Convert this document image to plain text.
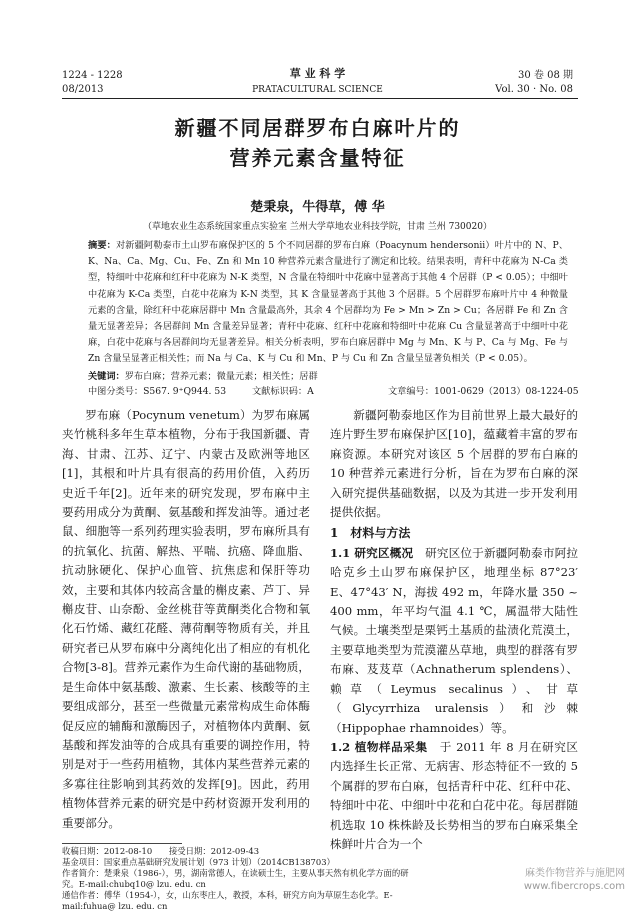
1224 - 1228
08/2013
草 业 科 学
PRATACULTURAL SCIENCE
30 卷 08 期
Vol. 30 · No. 08
新疆不同居群罗布白麻叶片的
营养元素含量特征
楚秉泉，牛得草，傅 华
（草地农业生态系统国家重点实验室 兰州大学草地农业科技学院，甘肃 兰州 730020）
摘要：对新疆阿勒泰市土山罗布麻保护区的 5 个不同居群的罗布白麻（Poacynum hendersonii）叶片中的 N、P、K、Na、Ca、Mg、Cu、Fe、Zn 和 Mn 10 种营养元素含量进行了测定和比较。结果表明，青秆中花麻为 N-Ca 类型，特细叶中花麻和红秆中花麻为 N-K 类型，N 含量在特细叶中花麻中显著高于其他 4 个居群（P < 0.05）；中细叶中花麻为 K-Ca 类型，白花中花麻为 K-N 类型，其 K 含量显著高于其他 3 个居群。5 个居群罗布麻叶片中 4 种微量元素的含量，除红秆中花麻居群中 Mn 含量最高外，其余 4 个居群均为 Fe > Mn > Zn > Cu；各居群 Fe 和 Zn 含量无显著差异；各居群间 Mn 含量差异显著；青秆中花麻、红秆中花麻和特细叶中花麻 Cu 含量显著高于中细叶中花麻，白花中花麻与各居群间均无显著差异。相关分析表明，罗布白麻居群中 Mg 与 Mn、K 与 P、Ca 与 Mg、Fe 与 Zn 含量呈显著正相关性；而 Na 与 Ca、K 与 Cu 和 Mn、P 与 Cu 和 Zn 含量呈显著负相关（P < 0.05）。
关键词：罗布白麻；营养元素；微量元素；相关性；居群
中图分类号：S567. 9⁺Q944. 53	文献标识码：A	文章编号：1001-0629（2013）08-1224-05

罗布麻（Pocynum venetum）为罗布麻属夹竹桃科多年生草本植物，分布于我国新疆、青海、甘肃、江苏、辽宁、内蒙古及欧洲等地区[1]，其根和叶片具有很高的药用价值，入药历史近千年[2]。近年来的研究发现，罗布麻中主要药用成分为黄酮、氨基酸和挥发油等。通过老鼠、细胞等一系列药理实验表明，罗布麻所具有的抗氧化、抗菌、解热、平喘、抗癌、降血脂、抗动脉硬化、保护心血管、抗焦虑和保肝等功效，主要和其体内较高含量的槲皮素、芦丁、异槲皮苷、山奈酚、金丝桃苷等黄酮类化合物和氧化石竹烯、藏红花醛、薄荷酮等物质有关，并且研究者已从罗布麻中分离纯化出了相应的有机化合物[3-8]。营养元素作为生命代谢的基础物质，是生命体中氨基酸、激素、生长素、核酸等的主要组成部分，甚至一些微量元素常构成生命体酶促反应的辅酶和激酶因子，对植物体内黄酮、氨基酸和挥发油等的合成具有重要的调控作用，特别是对于一些药用植物，其体内某些营养元素的多寡往往影响到其药效的发挥[9]。因此，药用植物体营养元素的研究是中药材资源开发利用的重要部分。

新疆阿勒泰地区作为目前世界上最大最好的连片野生罗布麻保护区[10]，蕴藏着丰富的罗布麻资源。本研究对该区 5 个居群的罗布白麻的 10 种营养元素进行分析，旨在为罗布白麻的深入研究提供基础数据，以及为其进一步开发利用提供依据。

1　材料与方法

1.1 研究区概况　 研究区位于新疆阿勒泰市阿拉哈克乡土山罗布麻保护区，地理坐标 87°23′ E、47°43′ N，海拔 492 m，年降水量 350 ~ 400 mm，年平均气温 4.1 ℃，属温带大陆性气候。土壤类型是栗钙土基质的盐渍化荒漠土，主要草地类型为荒漠灌丛草地，典型的群落有罗布麻、芨芨草（Achnatherum splendens）、赖草（Leymus secalinus）、甘草（Glycyrrhiza uralensis）和沙棘（Hippophae rhamnoides）等。

1.2 植物样品采集　 于 2011 年 8 月在研究区内选择生长正常、无病害、形态特征不一致的 5 个属群的罗布白麻，包括青秆中花、红秆中花、特细叶中花、中细叶中花和白花中花。每居群随机选取 10 株株龄及长势相当的罗布白麻采集全株鲜叶片合为一个

收稿日期：2012-08-10　　接受日期：2012-09-43
基金项目：国家重点基础研究发展计划（973 计划）（2014CB138703）
作者简介：楚秉泉（1986-），男，湖南常德人，在读硕士生，主要从事天然有机化学方面的研究。E-mail:chubq10@ lzu. edu. cn
通信作者：傅华（1954-），女，山东枣庄人，教授，本科，研究方向为草原生态化学。E-mail:fuhua@ lzu. edu. cn
麻类作物营养与施肥网
www.fibercrops.com
